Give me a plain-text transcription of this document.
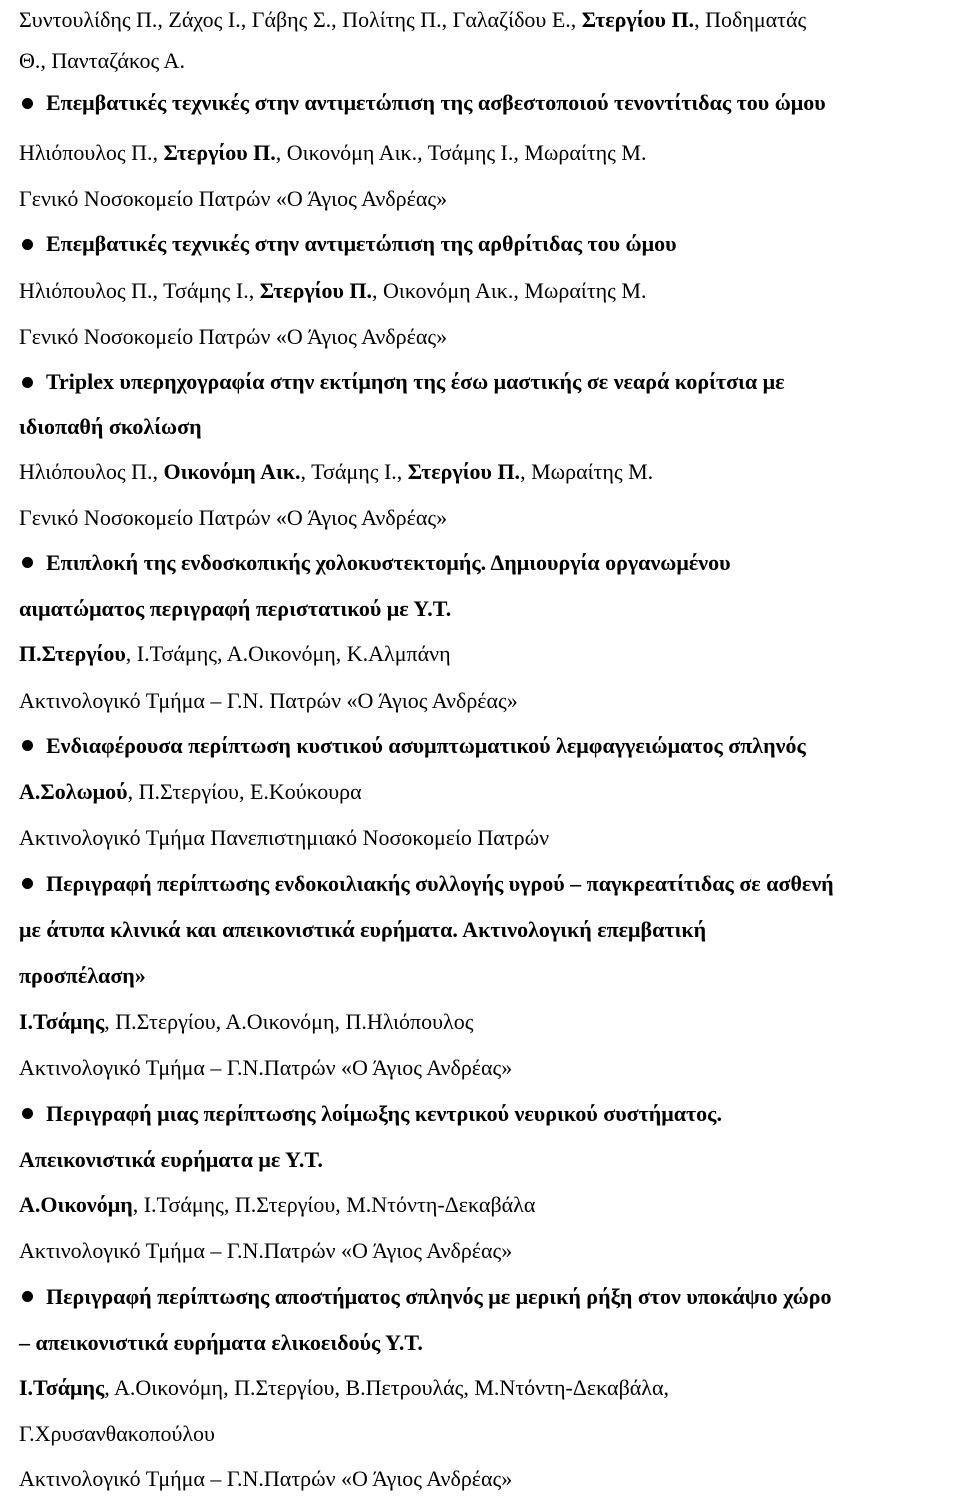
Συντουλίδης Π., Ζάχος Ι., Γάβης Σ., Πολίτης Π., Γαλαζίδου Ε., Στεργίου Π., Ποδηματάς
Θ., Πανταζάκος Α.
Επεμβατικές τεχνικές στην αντιμετώπιση της ασβεστοποιού τενοντίτιδας του ώμου
Ηλιόπουλος Π., Στεργίου Π., Οικονόμη Αικ., Τσάμης Ι., Μωραίτης Μ.
Γενικό Νοσοκομείο Πατρών «Ο Άγιος Ανδρέας»
Επεμβατικές τεχνικές στην αντιμετώπιση της αρθρίτιδας του ώμου
Ηλιόπουλος Π., Τσάμης Ι., Στεργίου Π., Οικονόμη Αικ., Μωραίτης Μ.
Γενικό Νοσοκομείο Πατρών «Ο Άγιος Ανδρέας»
Triplex υπερηχογραφία στην εκτίμηση της έσω μαστικής σε νεαρά κορίτσια με
ιδιοπαθή σκολίωση
Ηλιόπουλος Π., Οικονόμη Αικ., Τσάμης Ι., Στεργίου Π., Μωραίτης Μ.
Γενικό Νοσοκομείο Πατρών «Ο Άγιος Ανδρέας»
Επιπλοκή της ενδοσκοπικής χολοκυστεκτομής. Δημιουργία οργανωμένου
αιματώματος περιγραφή περιστατικού με Υ.Τ.
Π.Στεργίου, Ι.Τσάμης, Α.Οικονόμη, Κ.Αλμπάνη
Ακτινολογικό Τμήμα – Γ.Ν. Πατρών «Ο Άγιος Ανδρέας»
Ενδιαφέρουσα περίπτωση κυστικού ασυμπτωματικού λεμφαγγειώματος σπληνός
Α.Σολωμού, Π.Στεργίου, Ε.Κούκουρα
Ακτινολογικό Τμήμα Πανεπιστημιακό Νοσοκομείο Πατρών
Περιγραφή περίπτωσης ενδοκοιλιακής συλλογής υγρού – παγκρεατίτιδας σε ασθενή
με άτυπα κλινικά και απεικονιστικά ευρήματα. Ακτινολογική επεμβατική
προσπέλαση»
Ι.Τσάμης, Π.Στεργίου, Α.Οικονόμη, Π.Ηλιόπουλος
Ακτινολογικό Τμήμα – Γ.Ν.Πατρών «Ο Άγιος Ανδρέας»
Περιγραφή μιας περίπτωσης λοίμωξης κεντρικού νευρικού συστήματος.
Απεικονιστικά ευρήματα με Υ.Τ.
Α.Οικονόμη, Ι.Τσάμης, Π.Στεργίου, Μ.Ντόντη-Δεκαβάλα
Ακτινολογικό Τμήμα – Γ.Ν.Πατρών «Ο Άγιος Ανδρέας»
Περιγραφή περίπτωσης αποστήματος σπληνός με μερική ρήξη στον υποκάψιο χώρο
– απεικονιστικά ευρήματα ελικοειδούς Υ.Τ.
Ι.Τσάμης, Α.Οικονόμη, Π.Στεργίου, Β.Πετρουλάς, Μ.Ντόντη-Δεκαβάλα,
Γ.Χρυσανθακοπούλου
Ακτινολογικό Τμήμα – Γ.Ν.Πατρών «Ο Άγιος Ανδρέας»
